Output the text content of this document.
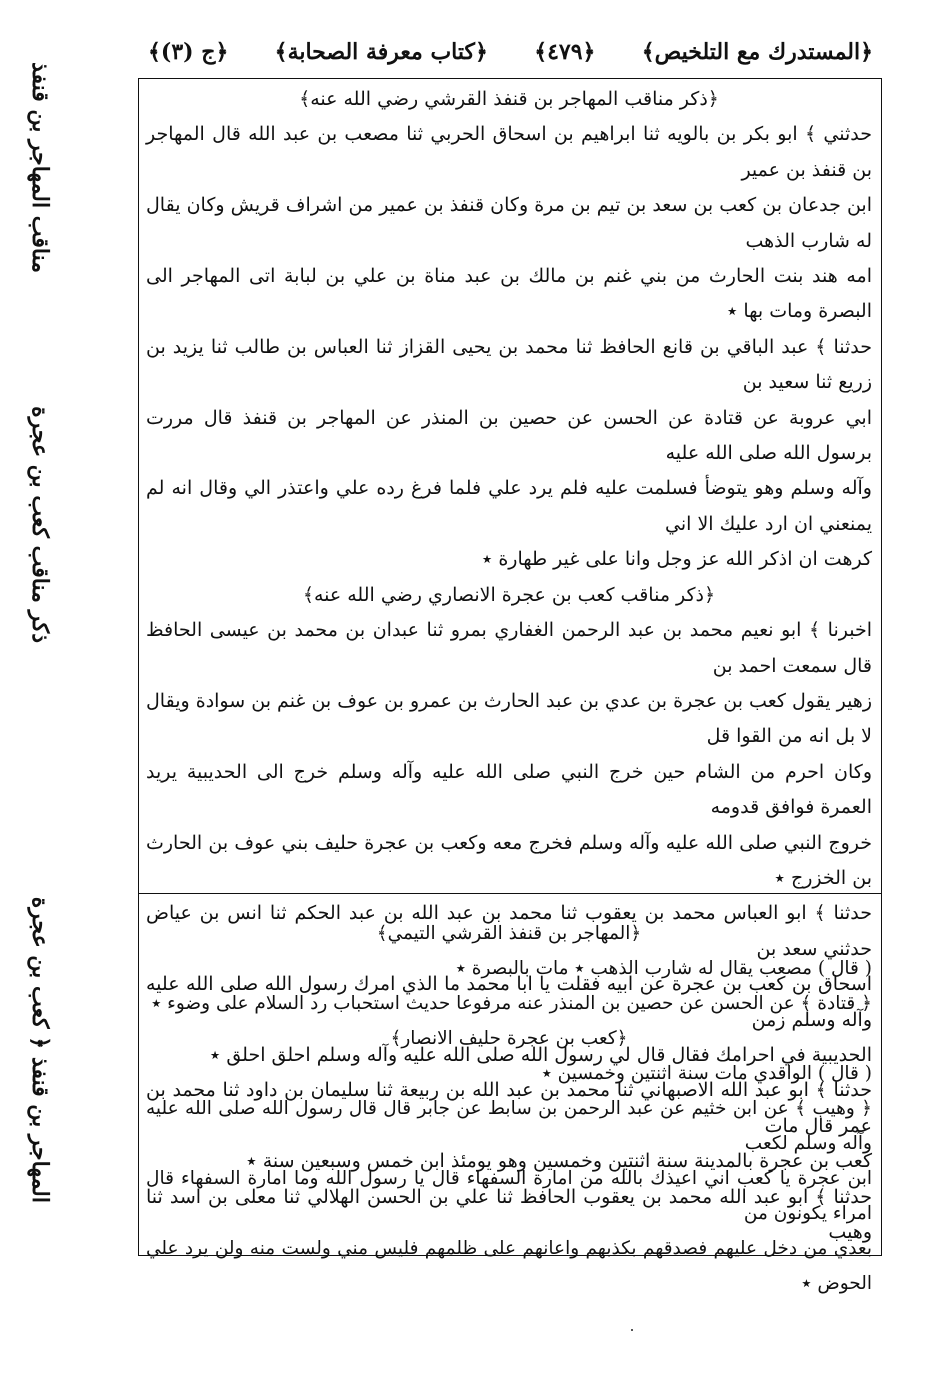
﴿المستدرك مع التلخيص﴾
﴿٤٧٩﴾
﴿كتاب معرفة الصحابة﴾
﴿ج (٣)﴾
مناقب المهاجر بن قنفذ
ذكر مناقب كعب بن عجرة
المهاجر بن قنفذ ﴿ كعب بن عجرة

﴿ذكر مناقب المهاجر بن قنفذ القرشي رضي الله عنه﴾

حدثني ﴾ ابو بكر بن بالويه ثنا ابراهيم بن اسحاق الحربي ثنا مصعب بن عبد الله قال المهاجر بن قنفذ بن عمير

ابن جدعان بن كعب بن سعد بن تيم بن مرة وكان قنفذ بن عمير من اشراف قريش وكان يقال له شارب الذهب

امه هند بنت الحارث من بني غنم بن مالك بن عبد مناة بن علي بن لبابة اتى المهاجر الى البصرة ومات بها ٭

حدثنا ﴾ عبد الباقي بن قانع الحافظ ثنا محمد بن يحيى القزاز ثنا العباس بن طالب ثنا يزيد بن زريع ثنا سعيد بن

ابي عروبة عن قتادة عن الحسن عن حصين بن المنذر عن المهاجر بن قنفذ قال مررت برسول الله صلى الله عليه

وآله وسلم وهو يتوضأ فسلمت عليه فلم يرد علي فلما فرغ رده علي واعتذر الي وقال انه لم يمنعني ان ارد عليك الا اني

كرهت ان اذكر الله عز وجل وانا على غير طهارة ٭

﴿ذكر مناقب كعب بن عجرة الانصاري رضي الله عنه﴾

اخبرنا ﴾ ابو نعيم محمد بن عبد الرحمن الغفاري بمرو ثنا عبدان بن محمد بن عيسى الحافظ قال سمعت احمد بن

زهير يقول كعب بن عجرة بن عدي بن عبد الحارث بن عمرو بن عوف بن غنم بن سوادة ويقال لا بل انه من القوا قل

وكان احرم من الشام حين خرج النبي صلى الله عليه وآله وسلم خرج الى الحديبية يريد العمرة فوافق قدومه

خروج النبي صلى الله عليه وآله وسلم فخرج معه وكعب بن عجرة حليف بني عوف بن الحارث بن الخزرج ٭

حدثنا ﴾ ابو العباس محمد بن يعقوب ثنا محمد بن عبد الله بن عبد الحكم ثنا انس بن عياض حدثني سعد بن

اسحاق بن كعب بن عجرة عن ابيه فقلت يا ابا محمد ما الذي امرك رسول الله صلى الله عليه وآله وسلم زمن

الحديبية في احرامك فقال قال لي رسول الله صلى الله عليه وآله وسلم احلق احلق ٭

حدثنا ﴾ ابو عبد الله الاصبهاني ثنا محمد بن عبد الله بن ربيعة ثنا سليمان بن داود ثنا محمد بن عمر قال مات

كعب بن عجرة بالمدينة سنة اثنتين وخمسين وهو يومئذ ابن خمس وسبعين سنة ٭

حدثنا ﴾ ابو عبد الله محمد بن يعقوب الحافظ ثنا علي بن الحسن الهلالي ثنا معلى بن اسد ثنا وهيب

﴿المهاجر بن قنفذ القرشي التيمي﴾

( قال ) مصعب يقال له شارب الذهب ٭ مات بالبصرة ٭

﴿ قتادة ﴾ عن الحسن عن حصين بن المنذر عنه مرفوعا حديث استحباب رد السلام على وضوء ٭

﴿كعب بن عجرة حليف الانصار﴾

( قال ) الواقدي مات سنة اثنتين وخمسين ٭

﴿ وهيب ﴾ عن ابن خثيم عن عبد الرحمن بن سابط عن جابر قال قال رسول الله صلى الله عليه وآله وسلم لكعب

ابن عجرة يا كعب اني اعيذك بالله من امارة السفهاء قال يا رسول الله وما امارة السفهاء قال امراء يكونون من

بعدي من دخل عليهم فصدقهم بكذبهم واعانهم على ظلمهم فليس مني ولست منه ولن يرد علي الحوض ٭
